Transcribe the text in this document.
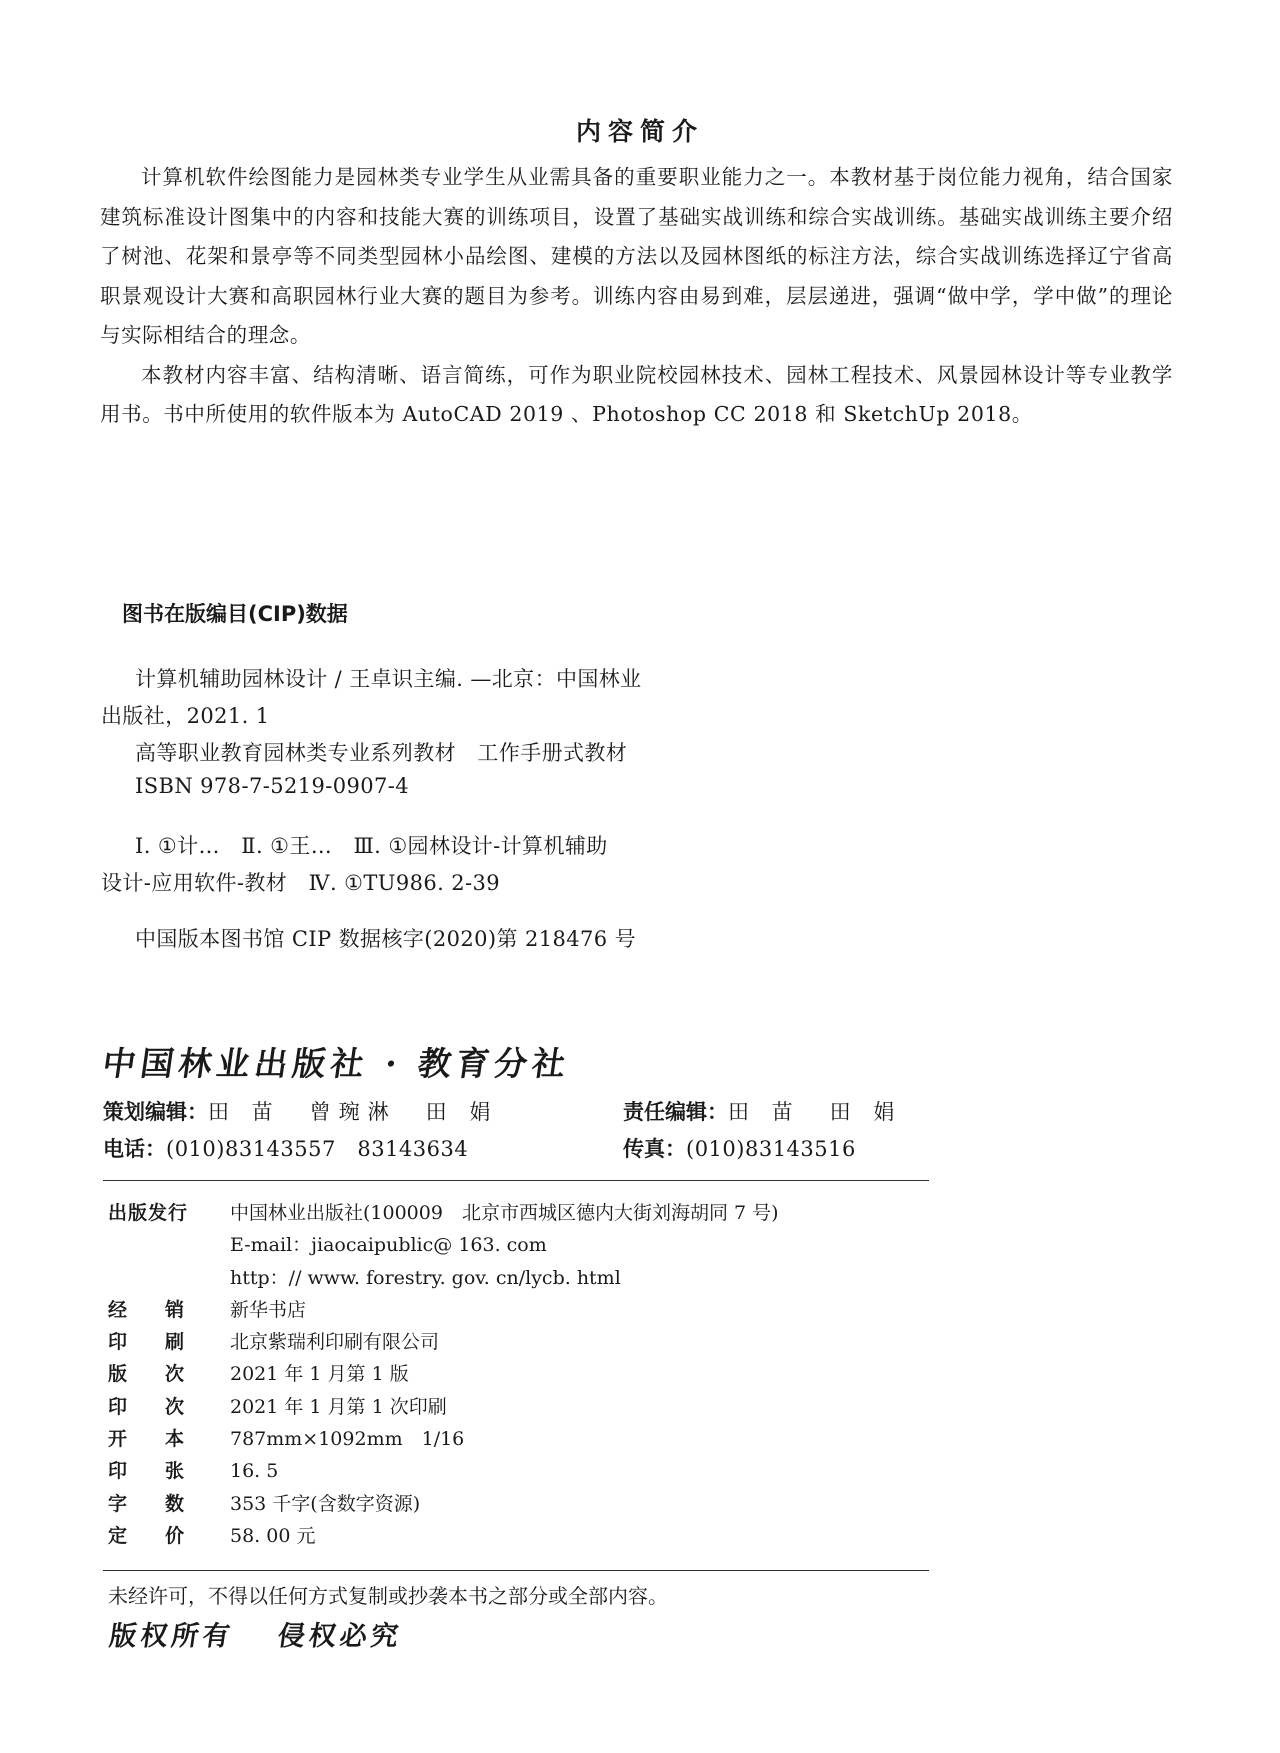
内容简介

计算机软件绘图能力是园林类专业学生从业需具备的重要职业能力之一。本教材基于岗位能力视角，结合国家建筑标准设计图集中的内容和技能大赛的训练项目，设置了基础实战训练和综合实战训练。基础实战训练主要介绍了树池、花架和景亭等不同类型园林小品绘图、建模的方法以及园林图纸的标注方法，综合实战训练选择辽宁省高职景观设计大赛和高职园林行业大赛的题目为参考。训练内容由易到难，层层递进，强调“做中学，学中做”的理论与实际相结合的理念。

本教材内容丰富、结构清晰、语言简练，可作为职业院校园林技术、园林工程技术、风景园林设计等专业教学用书。书中所使用的软件版本为 AutoCAD 2019 、Photoshop CC 2018 和 SketchUp 2018。

图书在版编目(CIP)数据
计算机辅助园林设计 / 王卓识主编. —北京：中国林业
出版社，2021. 1
高等职业教育园林类专业系列教材　工作手册式教材
ISBN 978-7-5219-0907-4
Ⅰ. ①计…　Ⅱ. ①王…　Ⅲ. ①园林设计-计算机辅助
设计-应用软件-教材　Ⅳ. ①TU986. 2-39
中国版本图书馆 CIP 数据核字(2020)第 218476 号
中国林业出版社 · 教育分社
策划编辑：田 苗　曾琬淋　田 娟	责任编辑：田 苗　田 娟
电话：(010)83143557　83143634	传真：(010)83143516
出版发行 中国林业出版社(100009　北京市西城区德内大街刘海胡同 7 号)
E-mail：jiaocaipublic@ 163. com
http：// www. forestry. gov. cn/lycb. html
经销 新华书店
印刷 北京紫瑞利印刷有限公司
版次 2021 年 1 月第 1 版
印次 2021 年 1 月第 1 次印刷
开本 787mm×1092mm　1/16
印张 16. 5
字数 353 千字(含数字资源)
定价 58. 00 元
未经许可，不得以任何方式复制或抄袭本书之部分或全部内容。
版权所有　 侵权必究
